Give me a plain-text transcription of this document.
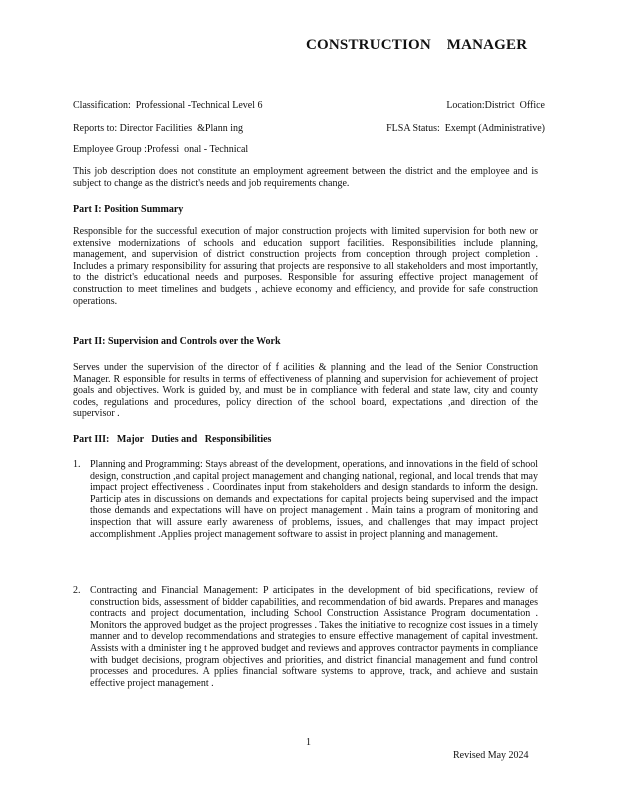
CONSTRUCTION    MANAGER
Classification:  Professional -Technical Level 6	Location:District  Office
Reports to: Director Facilities  &Plann ing	FLSA Status:  Exempt (Administrative)
Employee Group :Professi  onal - Technical
This job description does not constitute an employment agreement between the district and the employee and is subject to change as the district's needs and job requirements change.
Part I: Position Summary
Responsible for the successful execution of major construction projects with limited supervision for both new or extensive modernizations of schools and education support facilities. Responsibilities include planning, management, and supervision of district construction projects from conception through project completion . Includes a primary responsibility for assuring that projects are responsive to all stakeholders and most importantly, to the district's educational needs and purposes. Responsible for assuring effective project management of construction to meet timelines and budgets , achieve economy and efficiency, and provide for safe construction operations.
Part II: Supervision and Controls over the Work
Serves under the supervision of the director of f acilities & planning and the lead of the Senior Construction Manager. R esponsible for results in terms of effectiveness of planning and supervision for achievement of project goals and objectives. Work is guided by, and must be in compliance with federal and state law, city and county codes, regulations and procedures, policy direction of the school board, expectations ,and direction of the supervisor .
Part III:   Major   Duties and   Responsibilities
1. Planning and Programming: Stays abreast of the development, operations, and innovations in the field of school design, construction ,and capital project management and changing national, regional, and local trends that may impact project effectiveness . Coordinates input from stakeholders and design standards to inform the design. Particip ates in discussions on demands and expectations for capital projects being supervised and the impact those demands and expectations will have on project management . Main tains a program of monitoring and inspection that will assure early awareness of problems, issues, and challenges that may impact project accomplishment .Applies project management software to assist in project planning and management.
2. Contracting and Financial Management: P articipates in the development of bid specifications, review of construction bids, assessment of bidder capabilities, and recommendation of bid awards. Prepares and manages contracts and project documentation, including School Construction Assistance Program documentation . Monitors the approved budget as the project progresses . Takes the initiative to recognize cost issues in a timely manner and to develop recommendations and strategies to ensure effective management of capital investment. Assists with a dminister ing t he approved budget and reviews and approves contractor payments in compliance with budget decisions, program objectives and priorities, and district financial management and fund control processes and procedures. A pplies financial software systems to approve, track, and achieve and sustain effective project management .
1
Revised May 2024
